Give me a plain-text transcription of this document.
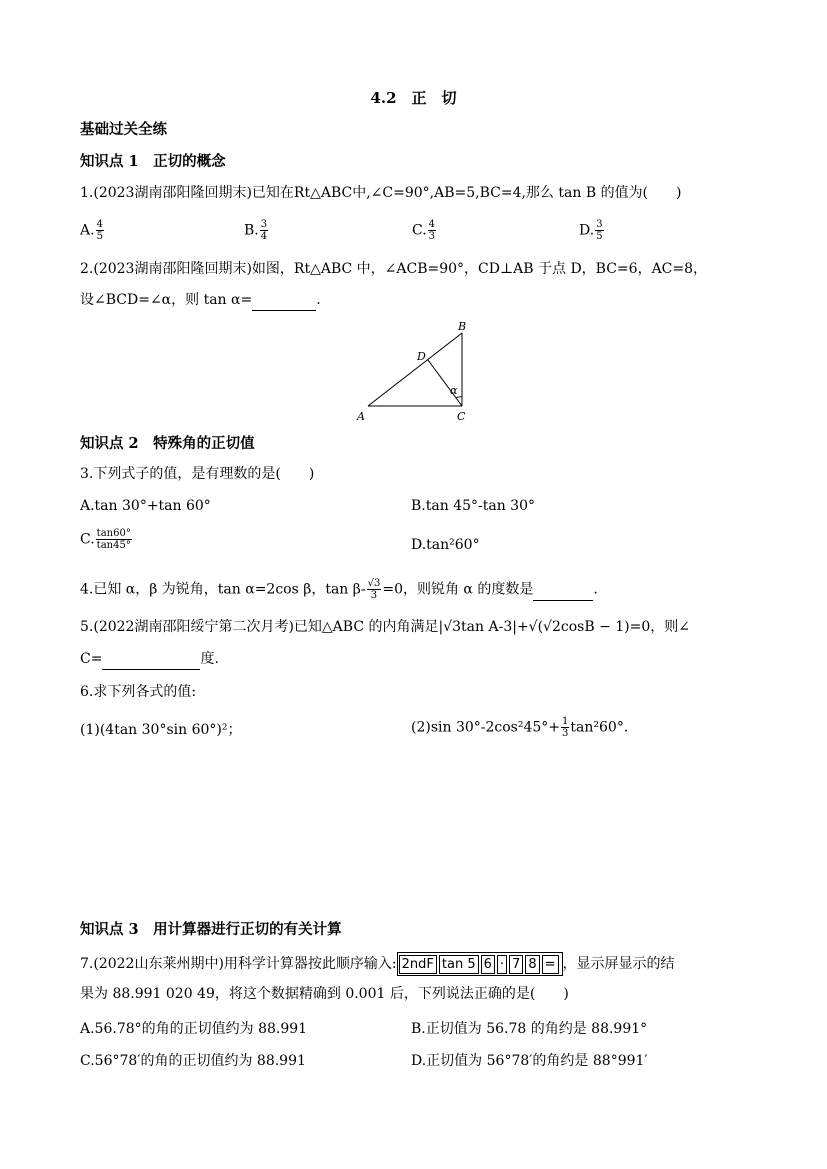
4.2　正　切
基础过关全练
知识点 1　正切的概念
1.(2023湖南邵阳隆回期末)已知在Rt△ABC中,∠C=90°,AB=5,BC=4,那么 tan B 的值为(　　)
A. $\frac{4}{5}$	B. $\frac{3}{4}$	C. $\frac{4}{3}$	D. $\frac{3}{5}$
2.(2023湖南邵阳隆回期末)如图，Rt△ABC 中，∠ACB=90°，CD⊥AB 于点 D，BC=6，AC=8，
设∠BCD=∠α，则 tan α=	.
A
B
C
D
α
知识点 2　特殊角的正切值
3.下列式子的值，是有理数的是(　　)
A.tan 30°+tan 60°	B.tan 45°-tan 30°
C. $\frac{\tan 60^\circ}{\tan 45^\circ}$	D.tan²60°
4.已知 α，β 为锐角，tan α=2cos β，$\tan \beta- \frac{√3}{3} =0$，则锐角 α 的度数是	.
5.(2022湖南邵阳绥宁第二次月考)已知△ABC 的内角满足|√3tan A-3|+√(√2cosB − 1)=0，则∠
C=	度.
6.求下列各式的值:
(1)(4tan 30°sin 60°)²；	(2)sin $30^\circ-2\cos^245^\circ+ \frac{1}{3} \tan^260^\circ$.
知识点 3　用计算器进行正切的有关计算
7.(2022山东莱州期中)用科学计算器按此顺序输入: 2ndF tan 5 6 · 7 8 = ，显示屏显示的结
果为 88.991 020 49，将这个数据精确到 0.001 后，下列说法正确的是(　　)
A.56.78°的角的正切值约为 88.991	B.正切值为 56.78 的角约是 88.991°
C.56°78′的角的正切值约为 88.991	D.正切值为 56°78′的角约是 88°991′
